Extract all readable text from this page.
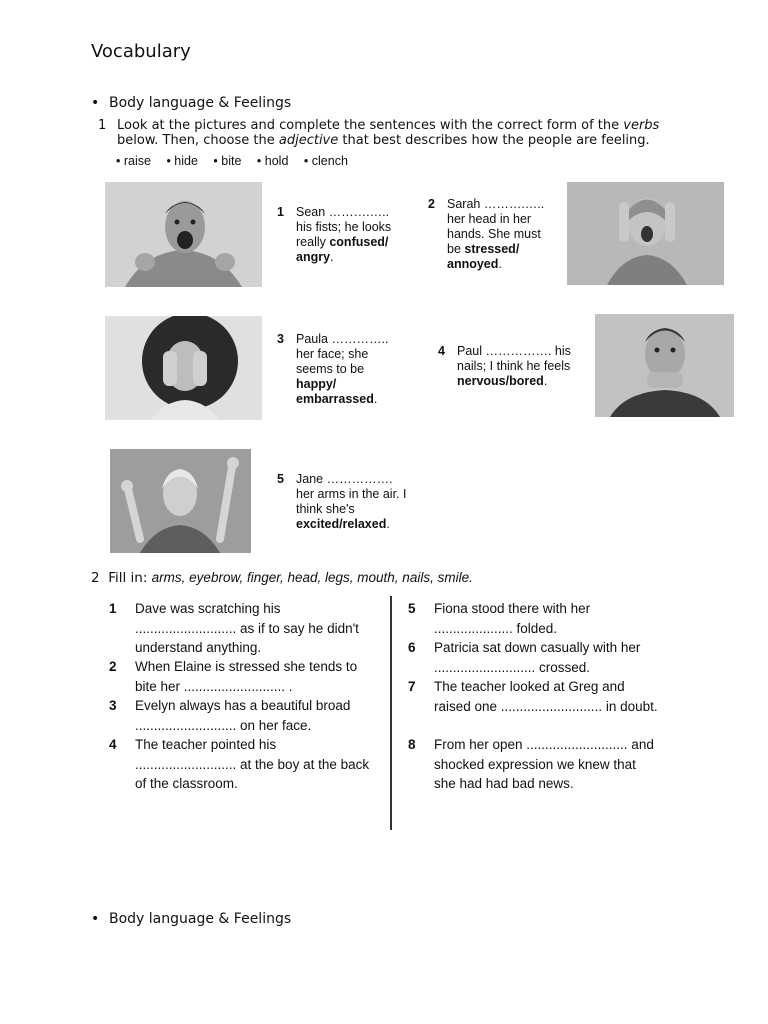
Vocabulary
• Body language & Feelings
1 Look at the pictures and complete the sentences with the correct form of the verbs below. Then, choose the adjective that best describes how the people are feeling.
• raise • hide • bite • hold • clench
1 Sean ……….….. his fists; he looks really confused/ angry.
2 Sarah ……….….. her head in her hands. She must be stressed/ annoyed.
3 Paula ………….. her face; she seems to be happy/ embarrassed.
4 Paul ……………. his nails; I think he feels nervous/bored.
5 Jane ……………. her arms in the air. I think she's excited/relaxed.
2 Fill in: arms, eyebrow, finger, head, legs, mouth, nails, smile.
1 Dave was scratching his ........................... as if to say he didn't understand anything.
2 When Elaine is stressed she tends to bite her ........................... .
3 Evelyn always has a beautiful broad ........................... on her face.
4 The teacher pointed his ........................... at the boy at the back of the classroom.
5 Fiona stood there with her ..................... folded.
6 Patricia sat down casually with her ........................... crossed.
7 The teacher looked at Greg and raised one ........................... in doubt.
8 From her open ........................... and shocked expression we knew that she had had bad news.
• Body language & Feelings
